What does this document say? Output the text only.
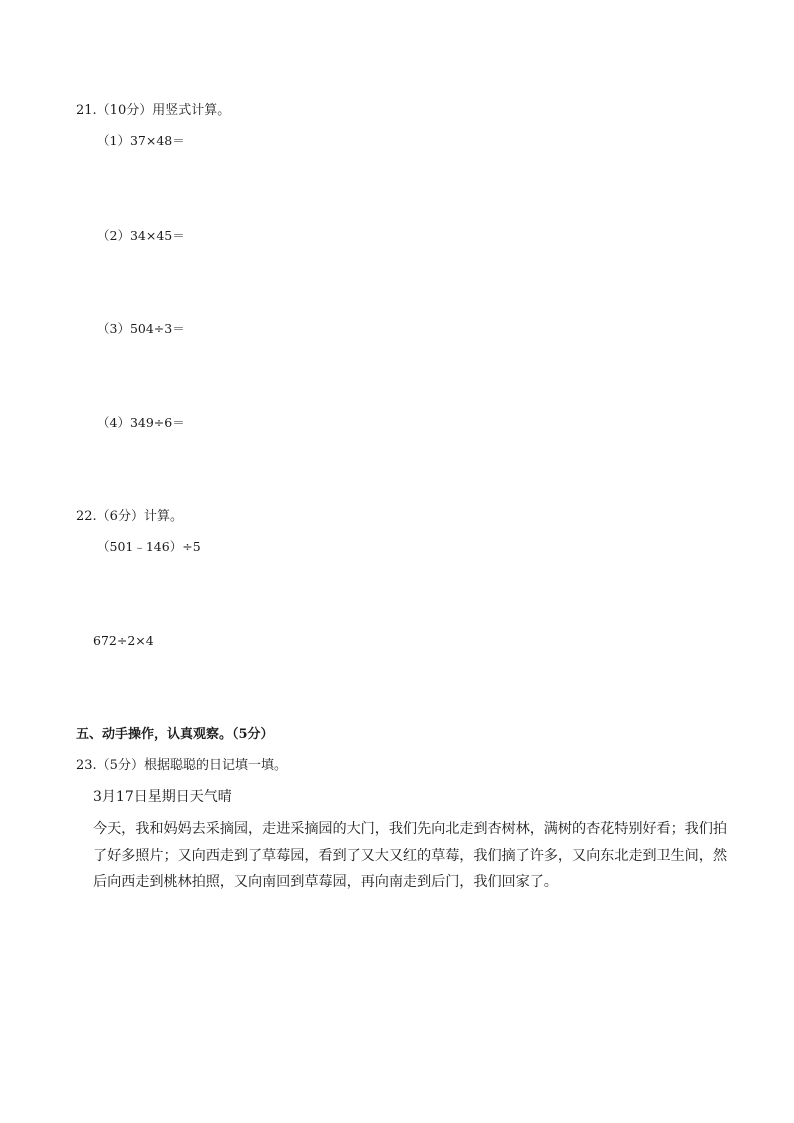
21.（10分）用竖式计算。
（1）37×48＝
（2）34×45＝
（3）504÷3＝
（4）349÷6＝
22.（6分）计算。
（501﹣146）÷5
672÷2×4
五、动手操作，认真观察。（5分）
23.（5分）根据聪聪的日记填一填。
3月17日星期日天气晴
今天，我和妈妈去采摘园，走进采摘园的大门，我们先向北走到杏树林，满树的杏花特别好看；我们拍
了好多照片；又向西走到了草莓园，看到了又大又红的草莓，我们摘了许多，又向东北走到卫生间，然
后向西走到桃林拍照，又向南回到草莓园，再向南走到后门，我们回家了。
